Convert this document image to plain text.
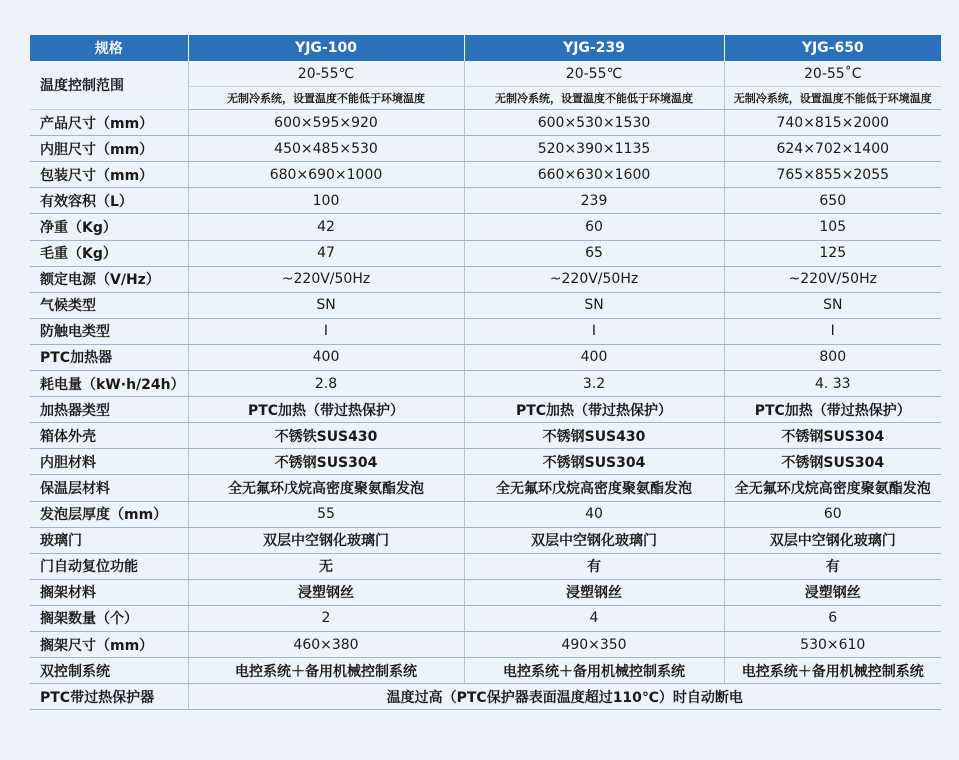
规格	YJG-100	YJG-239	YJG-650
温度控制范围	20-55℃	20-55℃	20-55˚C
	无制冷系统，设置温度不能低于环境温度	无制冷系统，设置温度不能低于环境温度	无制冷系统，设置温度不能低于环境温度
产品尺寸（mm）	600×595×920	600×530×1530	740×815×2000
内胆尺寸（mm）	450×485×530	520×390×1135	624×702×1400
包装尺寸（mm）	680×690×1000	660×630×1600	765×855×2055
有效容积（L）	100	239	650
净重（Kg）	42	60	105
毛重（Kg）	47	65	125
额定电源（V/Hz）	~220V/50Hz	~220V/50Hz	~220V/50Hz
气候类型	SN	SN	SN
防触电类型	I	I	I
PTC加热器	400	400	800
耗电量（kW·h/24h）	2.8	3.2	4. 33
加热器类型	PTC加热（带过热保护）	PTC加热（带过热保护）	PTC加热（带过热保护）
箱体外壳	不锈铁SUS430	不锈钢SUS430	不锈钢SUS304
内胆材料	不锈钢SUS304	不锈钢SUS304	不锈钢SUS304
保温层材料	全无氟环戊烷高密度聚氨酯发泡	全无氟环戊烷高密度聚氨酯发泡	全无氟环戊烷高密度聚氨酯发泡
发泡层厚度（mm）	55	40	60
玻璃门	双层中空钢化玻璃门	双层中空钢化玻璃门	双层中空钢化玻璃门
门自动复位功能	无	有	有
搁架材料	浸塑钢丝	浸塑钢丝	浸塑钢丝
搁架数量（个）	2	4	6
搁架尺寸（mm）	460×380	490×350	530×610
双控制系统	电控系统＋备用机械控制系统	电控系统＋备用机械控制系统	电控系统＋备用机械控制系统
PTC带过热保护器	温度过高（PTC保护器表面温度超过110℃）时自动断电		
